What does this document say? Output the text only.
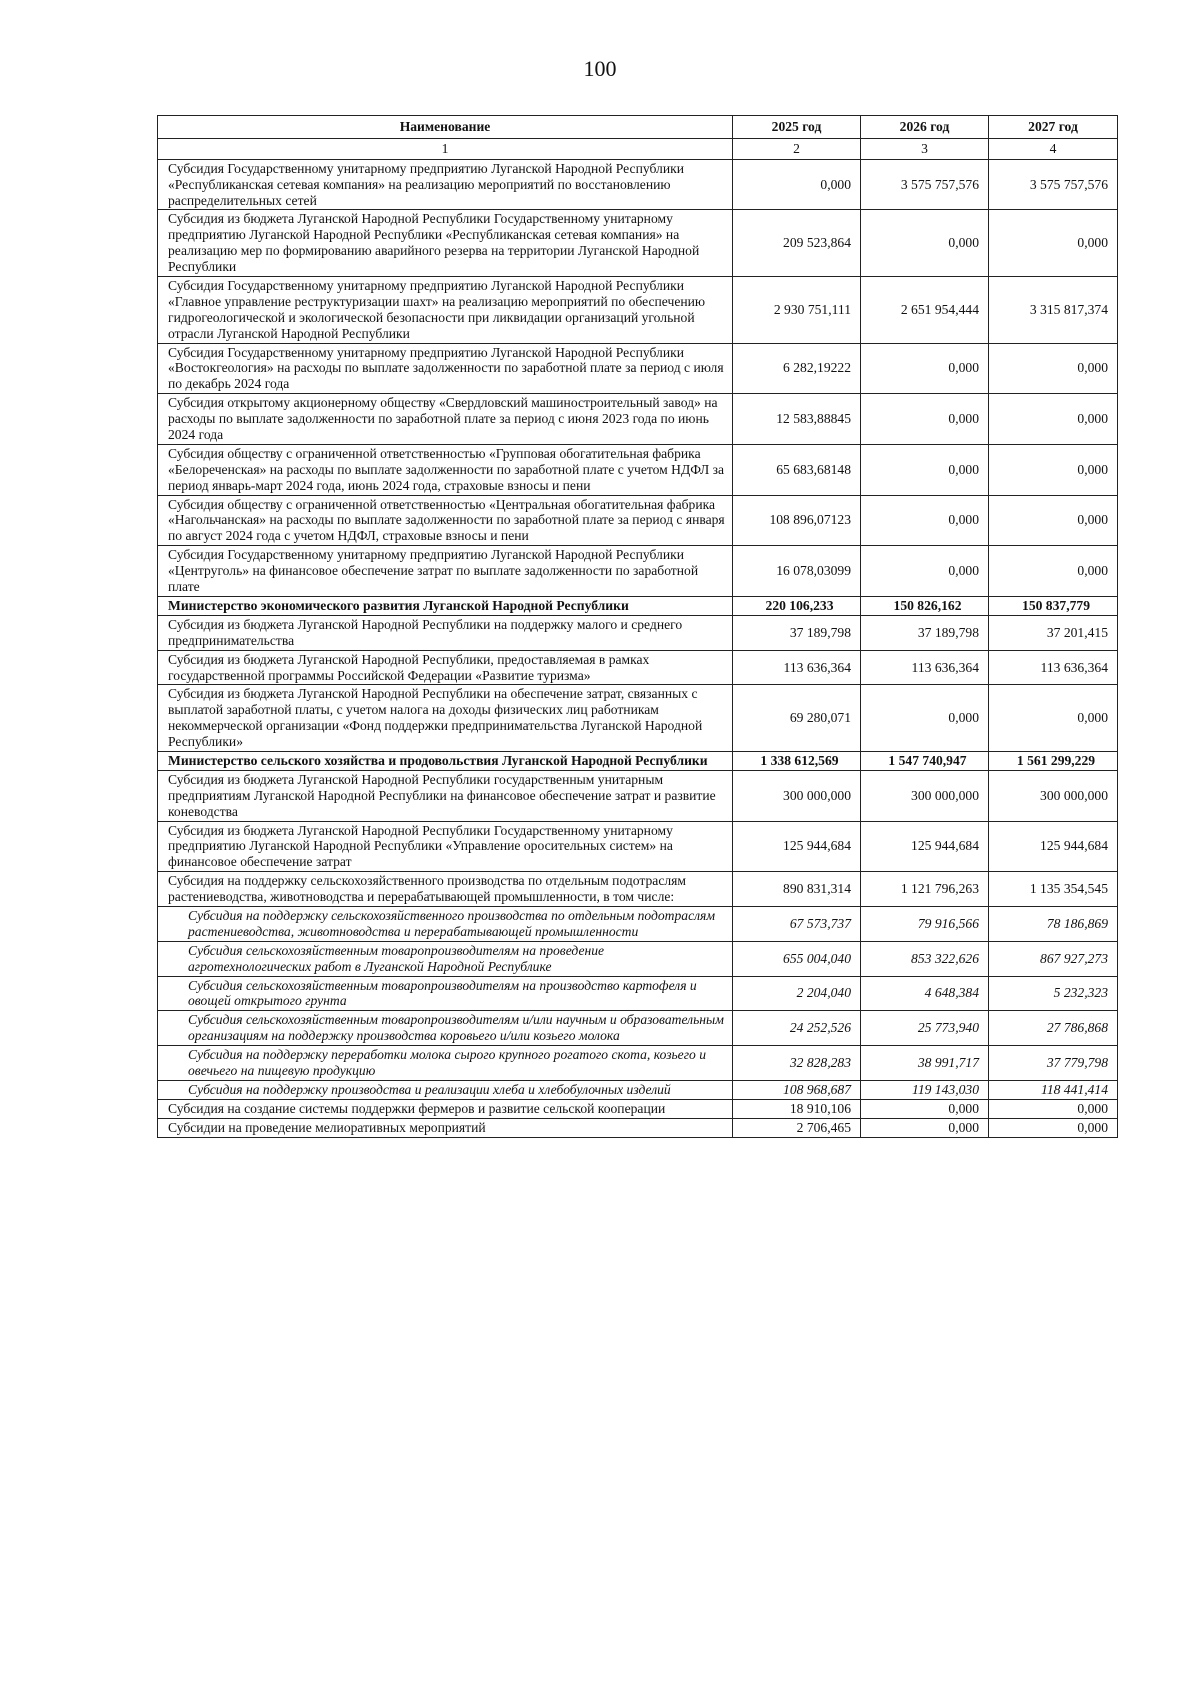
100
Наименование	2025 год	2026 год	2027 год
1	2	3	4
Субсидия Государственному унитарному предприятию Луганской Народной Республики «Республиканская сетевая компания» на реализацию мероприятий по восстановлению распределительных сетей	0,000	3 575 757,576	3 575 757,576
Субсидия из бюджета Луганской Народной Республики Государственному унитарному предприятию Луганской Народной Республики «Республиканская сетевая компания» на реализацию мер по формированию аварийного резерва на территории Луганской Народной Республики	209 523,864	0,000	0,000
Субсидия Государственному унитарному предприятию Луганской Народной Республики «Главное управление реструктуризации шахт» на реализацию мероприятий по обеспечению гидрогеологической и экологической безопасности при ликвидации организаций угольной отрасли Луганской Народной Республики	2 930 751,111	2 651 954,444	3 315 817,374
Субсидия Государственному унитарному предприятию Луганской Народной Республики «Востокгеология» на расходы по выплате задолженности по заработной плате за период с июля по декабрь 2024 года	6 282,19222	0,000	0,000
Субсидия открытому акционерному обществу «Свердловский машиностроительный завод» на расходы по выплате задолженности по заработной плате за период с июня 2023 года по июнь 2024 года	12 583,88845	0,000	0,000
Субсидия обществу с ограниченной ответственностью «Групповая обогатительная фабрика «Белореченская» на расходы по выплате задолженности по заработной плате с учетом НДФЛ за период январь-март 2024 года, июнь 2024 года, страховые взносы и пени	65 683,68148	0,000	0,000
Субсидия обществу с ограниченной ответственностью «Центральная обогатительная фабрика «Нагольчанская» на расходы по выплате задолженности по заработной плате за период с января по август 2024 года с учетом НДФЛ, страховые взносы и пени	108 896,07123	0,000	0,000
Субсидия Государственному унитарному предприятию Луганской Народной Республики «Центруголь» на финансовое обеспечение затрат по выплате задолженности по заработной плате	16 078,03099	0,000	0,000
Министерство экономического развития Луганской Народной Республики	220 106,233	150 826,162	150 837,779
Субсидия из бюджета Луганской Народной Республики на поддержку малого и среднего предпринимательства	37 189,798	37 189,798	37 201,415
Субсидия из бюджета Луганской Народной Республики, предоставляемая в рамках государственной программы Российской Федерации «Развитие туризма»	113 636,364	113 636,364	113 636,364
Субсидия из бюджета Луганской Народной Республики на обеспечение затрат, связанных с выплатой заработной платы, с учетом налога на доходы физических лиц работникам некоммерческой организации «Фонд поддержки предпринимательства Луганской Народной Республики»	69 280,071	0,000	0,000
Министерство сельского хозяйства и продовольствия Луганской Народной Республики	1 338 612,569	1 547 740,947	1 561 299,229
Субсидия из бюджета Луганской Народной Республики государственным унитарным предприятиям Луганской Народной Республики на финансовое обеспечение затрат и развитие коневодства	300 000,000	300 000,000	300 000,000
Субсидия из бюджета Луганской Народной Республики Государственному унитарному предприятию Луганской Народной Республики «Управление оросительных систем» на финансовое обеспечение затрат	125 944,684	125 944,684	125 944,684
Субсидия на поддержку сельскохозяйственного производства по отдельным подотраслям растениеводства, животноводства и перерабатывающей промышленности, в том числе:	890 831,314	1 121 796,263	1 135 354,545
Субсидия на поддержку сельскохозяйственного производства по отдельным подотраслям растениеводства, животноводства и перерабатывающей промышленности	67 573,737	79 916,566	78 186,869
Субсидия сельскохозяйственным товаропроизводителям на проведение агротехнологических работ в Луганской Народной Республике	655 004,040	853 322,626	867 927,273
Субсидия сельскохозяйственным товаропроизводителям на производство картофеля и овощей открытого грунта	2 204,040	4 648,384	5 232,323
Субсидия сельскохозяйственным товаропроизводителям и/или научным и образовательным организациям на поддержку производства коровьего и/или козьего молока	24 252,526	25 773,940	27 786,868
Субсидия на поддержку переработки молока сырого крупного рогатого скота, козьего и овечьего на пищевую продукцию	32 828,283	38 991,717	37 779,798
Субсидия на поддержку производства и реализации хлеба и хлебобулочных изделий	108 968,687	119 143,030	118 441,414
Субсидия на создание системы поддержки фермеров и развитие сельской кооперации	18 910,106	0,000	0,000
Субсидии на проведение мелиоративных мероприятий	2 706,465	0,000	0,000
